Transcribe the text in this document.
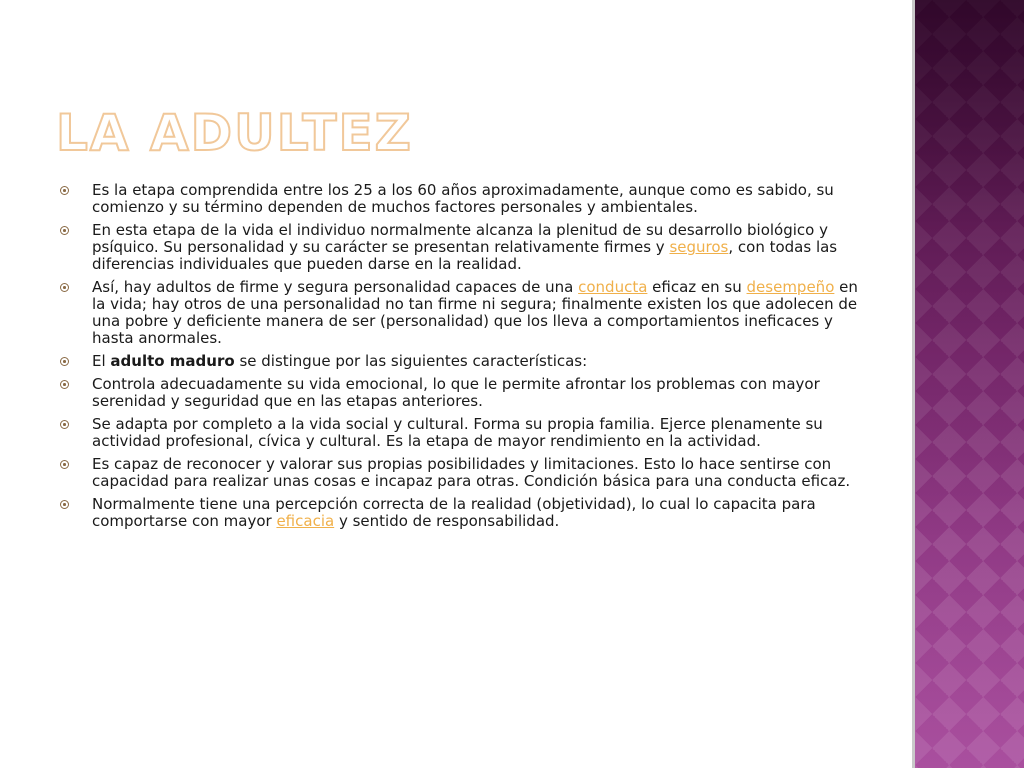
LA ADULTEZ
Es la etapa comprendida entre los 25 a los 60 años aproximadamente, aunque como es sabido, su comienzo y su término dependen de muchos factores personales y ambientales.
En esta etapa de la vida el individuo normalmente alcanza la plenitud de su desarrollo biológico y psíquico. Su personalidad y su carácter se presentan relativamente firmes y seguros, con todas las diferencias individuales que pueden darse en la realidad.
Así, hay adultos de firme y segura personalidad capaces de una conducta eficaz en su desempeño en la vida; hay otros de una personalidad no tan firme ni segura; finalmente existen los que adolecen de una pobre y deficiente manera de ser (personalidad) que los lleva a comportamientos ineficaces y hasta anormales.
El adulto maduro se distingue por las siguientes características:
Controla adecuadamente su vida emocional, lo que le permite afrontar los problemas con mayor serenidad y seguridad que en las etapas anteriores.
Se adapta por completo a la vida social y cultural. Forma su propia familia. Ejerce plenamente su actividad profesional, cívica y cultural. Es la etapa de mayor rendimiento en la actividad.
Es capaz de reconocer y valorar sus propias posibilidades y limitaciones. Esto lo hace sentirse con capacidad para realizar unas cosas e incapaz para otras. Condición básica para una conducta eficaz.
Normalmente tiene una percepción correcta de la realidad (objetividad), lo cual lo capacita para comportarse con mayor eficacia y sentido de responsabilidad.
